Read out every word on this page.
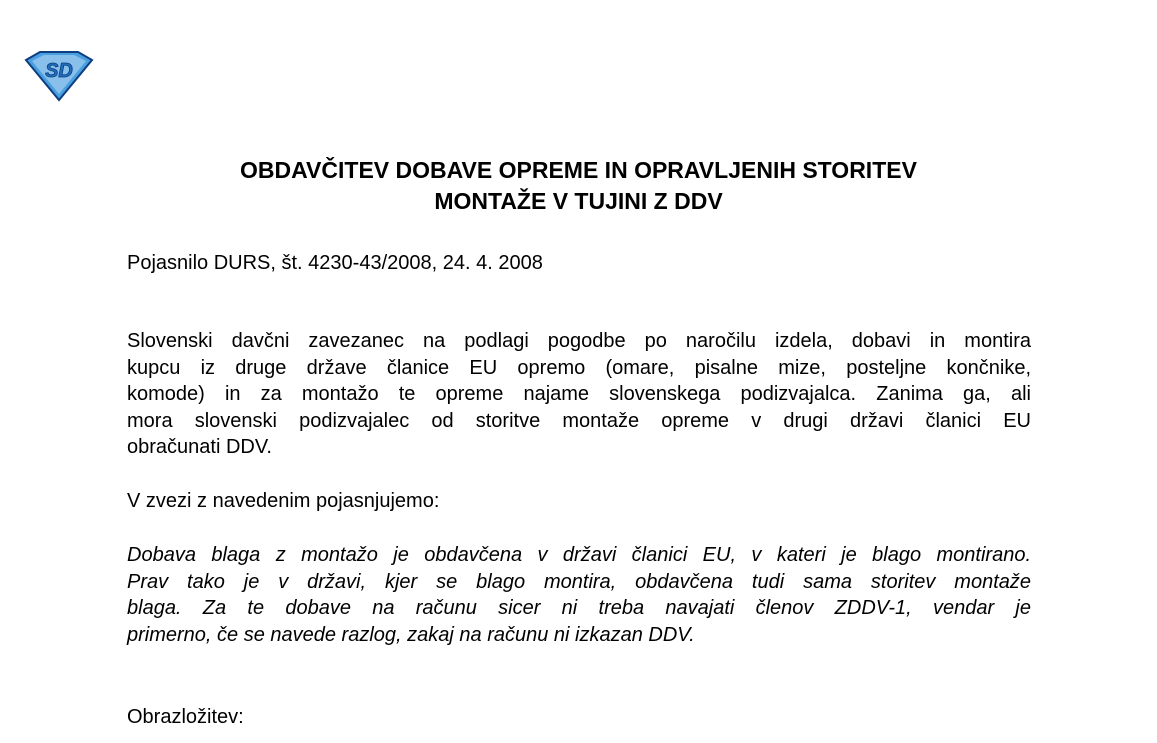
SD
OBDAVČITEV DOBAVE OPREME IN OPRAVLJENIH STORITEV
MONTAŽE V TUJINI Z DDV
Pojasnilo DURS, št. 4230-43/2008, 24. 4. 2008
Slovenski davčni zavezanec na podlagi pogodbe po naročilu izdela, dobavi in montira
kupcu iz druge države članice EU opremo (omare, pisalne mize, posteljne končnike,
komode) in za montažo te opreme najame slovenskega podizvajalca. Zanima ga, ali
mora slovenski podizvajalec od storitve montaže opreme v drugi državi članici EU
obračunati DDV.
V zvezi z navedenim pojasnjujemo:
Dobava blaga z montažo je obdavčena v državi članici EU, v kateri je blago montirano.
Prav tako je v državi, kjer se blago montira, obdavčena tudi sama storitev montaže
blaga. Za te dobave na računu sicer ni treba navajati členov ZDDV-1, vendar je
primerno, če se navede razlog, zakaj na računu ni izkazan DDV.
Obrazložitev:
